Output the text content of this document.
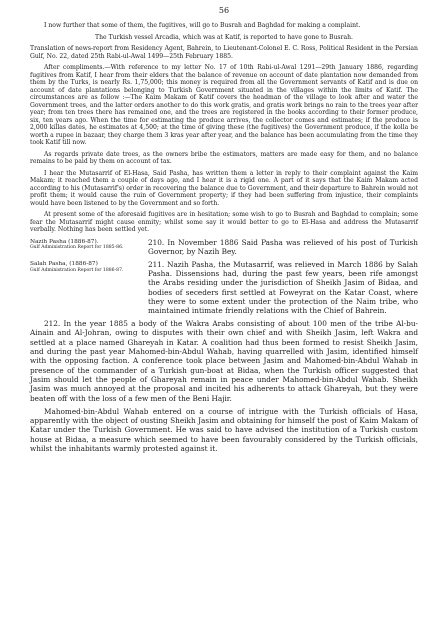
56

I now further that some of them, the fugitives, will go to Busrah and Baghdad for making a complaint.

The Turkish vessel Arcadia, which was at Katif, is reported to have gone to Busrah.

Translation of news-report from Residency Agent, Bahrein, to Lieutenant-Colonel E. C. Ross, Political Resident in the Persian Gulf, No. 22, dated 25th Rabi-ul-Awal 1499—25th February 1885.

After compliments.—With reference to my letter No. 17 of 10th Rabi-ul-Awal 1291—29th January 1886, regarding fugitives from Katif, I hear from their elders that the balance of revenue on account of date plantation now demanded from them by the Turks, is nearly Rs. 1,75,000; this money is required from all the Government servants of Katif and is due on account of date plantations belonging to Turkish Government situated in the villages within the limits of Katif. The circumstances are as follow :—The Kaim Makam of Katif covers the headman of the village to look after and water the Government trees, and the latter orders another to do this work gratis, and gratis work brings no rain to the trees year after year; from ten trees there has remained one, and the trees are registered in the books according to their former produce, six, ten years ago. When the time for estimating the produce arrives, the collector comes and estimates; if the produce is 2,000 killas dates, he estimates at 4,500; at the time of giving these (the fugitives) the Government produce, if the kolla be worth a rupee in bazaar, they charge them 3 kras year after year, and the balance has been accumulating from the time they took Katif till now.

As regards private date trees, as the owners bribe the estimators, matters are made easy for them, and no balance remains to be paid by them on account of tax.

I hear the Mutasarrif of El-Hasa, Said Pasha, has written them a letter in reply to their complaint against the Kaim Makam; it reached them a couple of days ago, and I hear it is a rigid one. A part of it says that the Kaim Makam acted according to his (Mutasarrif's) order in recovering the balance due to Government, and their departure to Bahrein would not profit them; it would cause the ruin of Government property; if they had been suffering from injustice, their complaints would have been listened to by the Government and so forth.

At present some of the aforesaid fugitives are in hesitation; some wish to go to Busrah and Baghdad to complain; some fear the Mutasarrif might cause enmity; whilst some say it would better to go to El-Hasa and address the Mutasarrif verbally. Nothing has been settled yet.

Nazih Pasha (1886-87).
Gulf Administration Report for 1885-86.
210. In November 1886 Said Pasha was relieved of his post of Turkish Governor, by Nazih Bey.
Salah Pasha, (1886-87)
Gulf Administration Report for 1886-87.
211. Nazih Pasha, the Mutasarrif, was relieved in March 1886 by Salah Pasha. Dissensions had, during the past few years, been rife amongst the Arabs residing under the jurisdiction of Sheikh Jasim of Bidaa, and bodies of seceders first settled at Foweyrat on the Katar Coast, where they were to some extent under the protection of the Naim tribe, who maintained intimate friendly relations with the Chief of Bahrein.

212. In the year 1885 a body of the Wakra Arabs consisting of about 100 men of the tribe Al-bu-Ainain and Al-Johran, owing to disputes with their own chief and with Sheikh Jasim, left Wakra and settled at a place named Ghareyah in Katar. A coalition had thus been formed to resist Sheikh Jasim, and during the past year Mahomed-bin-Abdul Wahab, having quarrelled with Jasim, identified himself with the opposing faction. A conference took place between Jasim and Mahomed-bin-Abdul Wahab in presence of the commander of a Turkish gun-boat at Bidaa, when the Turkish officer suggested that Jasim should let the people of Ghareyah remain in peace under Mahomed-bin-Abdul Wahab. Sheikh Jasim was much annoyed at the proposal and incited his adherents to attack Ghareyah, but they were beaten off with the loss of a few men of the Beni Hajir.

Mahomed-bin-Abdul Wahab entered on a course of intrigue with the Turkish officials of Hasa, apparently with the object of ousting Sheikh Jasim and obtaining for himself the post of Kaim Makam of Katar under the Turkish Government. He was said to have advised the institution of a Turkish custom house at Bidaa, a measure which seemed to have been favourably considered by the Turkish officials, whilst the inhabitants warmly protested against it.
